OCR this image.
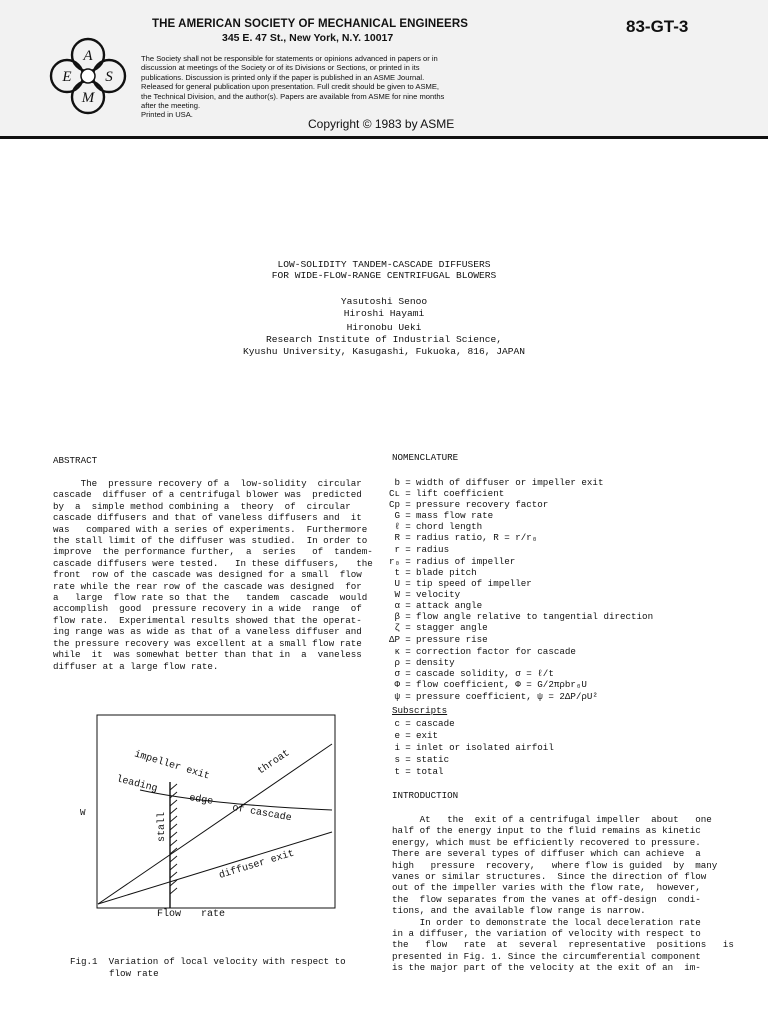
A
E S
M
THE AMERICAN SOCIETY OF MECHANICAL ENGINEERS
345 E. 47 St., New York, N.Y. 10017
83-GT-3
The Society shall not be responsible for statements or opinions advanced in papers or in
discussion at meetings of the Society or of its Divisions or Sections, or printed in its
publications. Discussion is printed only if the paper is published in an ASME Journal.
Released for general publication upon presentation. Full credit should be given to ASME,
the Technical Division, and the author(s). Papers are available from ASME for nine months
after the meeting.
Printed in USA.
Copyright © 1983 by ASME
LOW-SOLIDITY TANDEM-CASCADE DIFFUSERS
FOR WIDE-FLOW-RANGE CENTRIFUGAL BLOWERS
Yasutoshi Senoo
Hiroshi Hayami
Hironobu Ueki
Research Institute of Industrial Science,
Kyushu University, Kasugashi, Fukuoka, 816, JAPAN
ABSTRACT
The  pressure recovery of a  low-solidity  circular
cascade  diffuser of a centrifugal blower was  predicted
by  a  simple method combining a  theory  of  circular
cascade diffusers and that of vaneless diffusers and  it
was   compared with a series of experiments.  Furthermore
the stall limit of the diffuser was studied.  In order to
improve  the performance further,  a  series   of  tandem-
cascade diffusers were tested.   In these diffusers,   the
front  row of the cascade was designed for a small  flow
rate while the rear row of the cascade was designed  for
a   large  flow rate so that the   tandem  cascade  would
accomplish  good  pressure recovery in a wide  range  of
flow rate.  Experimental results showed that the operat-
ing range was as wide as that of a vaneless diffuser and
the pressure recovery was excellent at a small flow rate
while  it  was somewhat better than that in  a  vaneless
diffuser at a large flow rate.
W
impeller exit	throat
leading
edge
of cascade
stall
diffuser exit
Flow rate
Fig.1  Variation of local velocity with respect to
flow rate
NOMENCLATURE
b = width of diffuser or impeller exit
Cʟ = lift coefficient
Cp = pressure recovery factor
G = mass flow rate
ℓ = chord length
R = radius ratio, R = r/r₀
r = radius
r₀ = radius of impeller
t = blade pitch
U = tip speed of impeller
W = velocity
α = attack angle
β = flow angle relative to tangential direction
ζ = stagger angle
ΔP = pressure rise
κ = correction factor for cascade
ρ = density
σ = cascade solidity, σ = ℓ/t
Φ = flow coefficient, Φ = G/2πρbr₀U
ψ = pressure coefficient, ψ = 2ΔP/ρU²
Subscripts
c = cascade
e = exit
i = inlet or isolated airfoil
s = static
t = total
INTRODUCTION
At   the  exit of a centrifugal impeller  about   one
half of the energy input to the fluid remains as kinetic
energy, which must be efficiently recovered to pressure.
There are several types of diffuser which can achieve  a
high   pressure  recovery,   where flow is guided  by  many
vanes or similar structures.  Since the direction of flow
out of the impeller varies with the flow rate,  however,
the  flow separates from the vanes at off-design  condi-
tions, and the available flow range is narrow.
In order to demonstrate the local deceleration rate
in a diffuser, the variation of velocity with respect to
the   flow   rate  at  several  representative  positions   is
presented in Fig. 1. Since the circumferential component
is the major part of the velocity at the exit of an  im-
